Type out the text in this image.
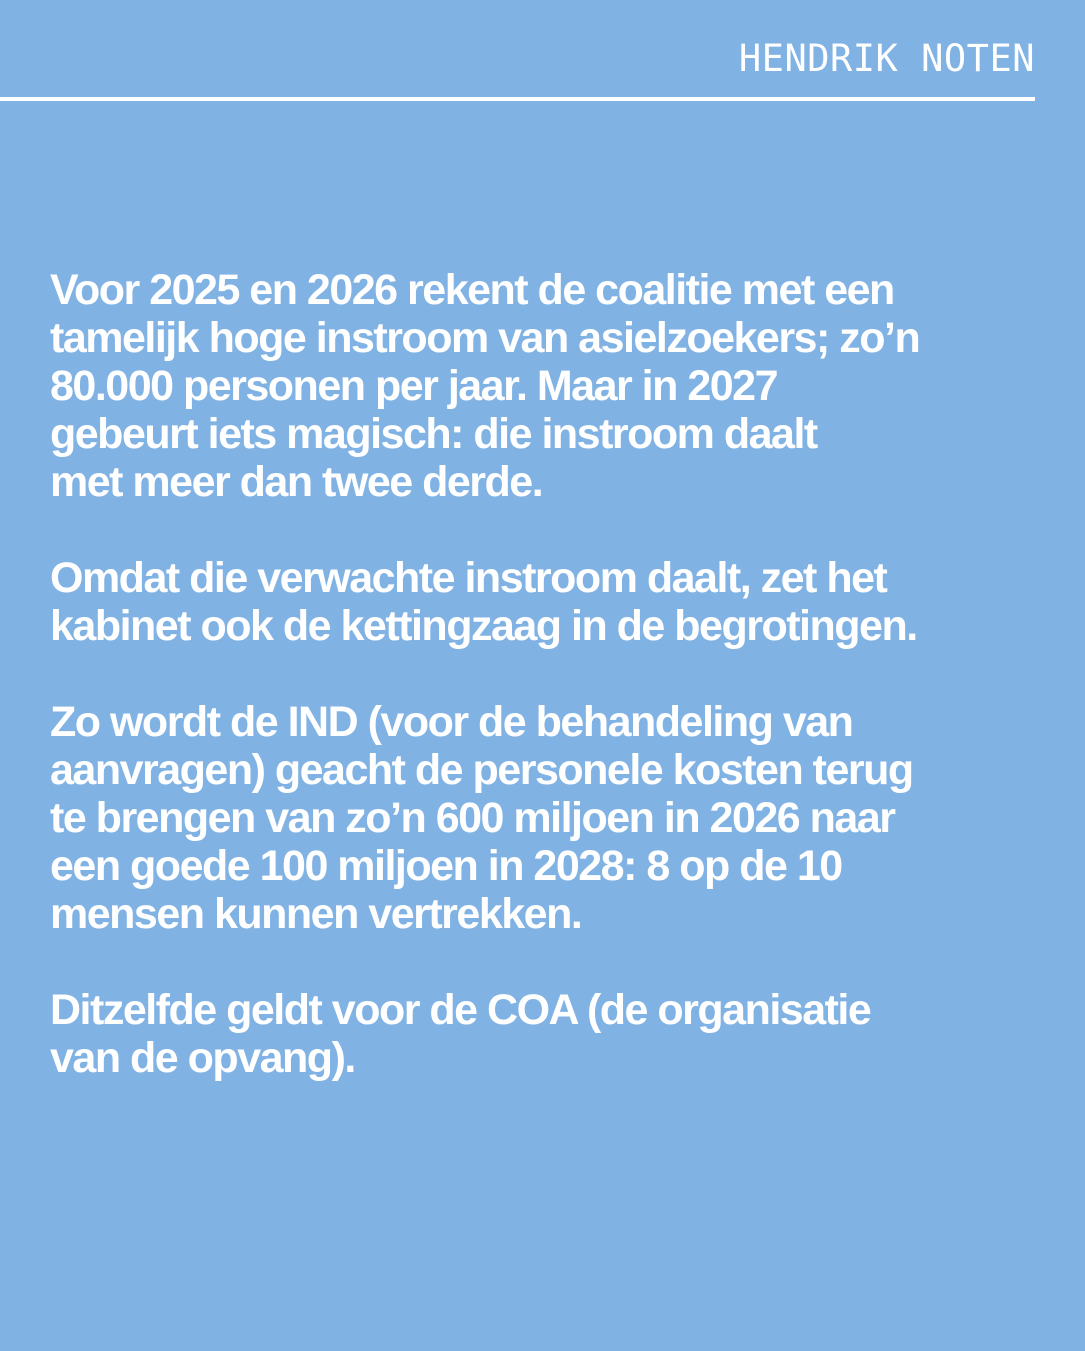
HENDRIK NOTEN

Voor 2025 en 2026 rekent de coalitie met een
tamelijk hoge instroom van asielzoekers; zo’n
80.000 personen per jaar. Maar in 2027
gebeurt iets magisch: die instroom daalt
met meer dan twee derde.

Omdat die verwachte instroom daalt, zet het
kabinet ook de kettingzaag in de begrotingen.

Zo wordt de IND (voor de behandeling van
aanvragen) geacht de personele kosten terug
te brengen van zo’n 600 miljoen in 2026 naar
een goede 100 miljoen in 2028: 8 op de 10
mensen kunnen vertrekken.

Ditzelfde geldt voor de COA (de organisatie
van de opvang).
